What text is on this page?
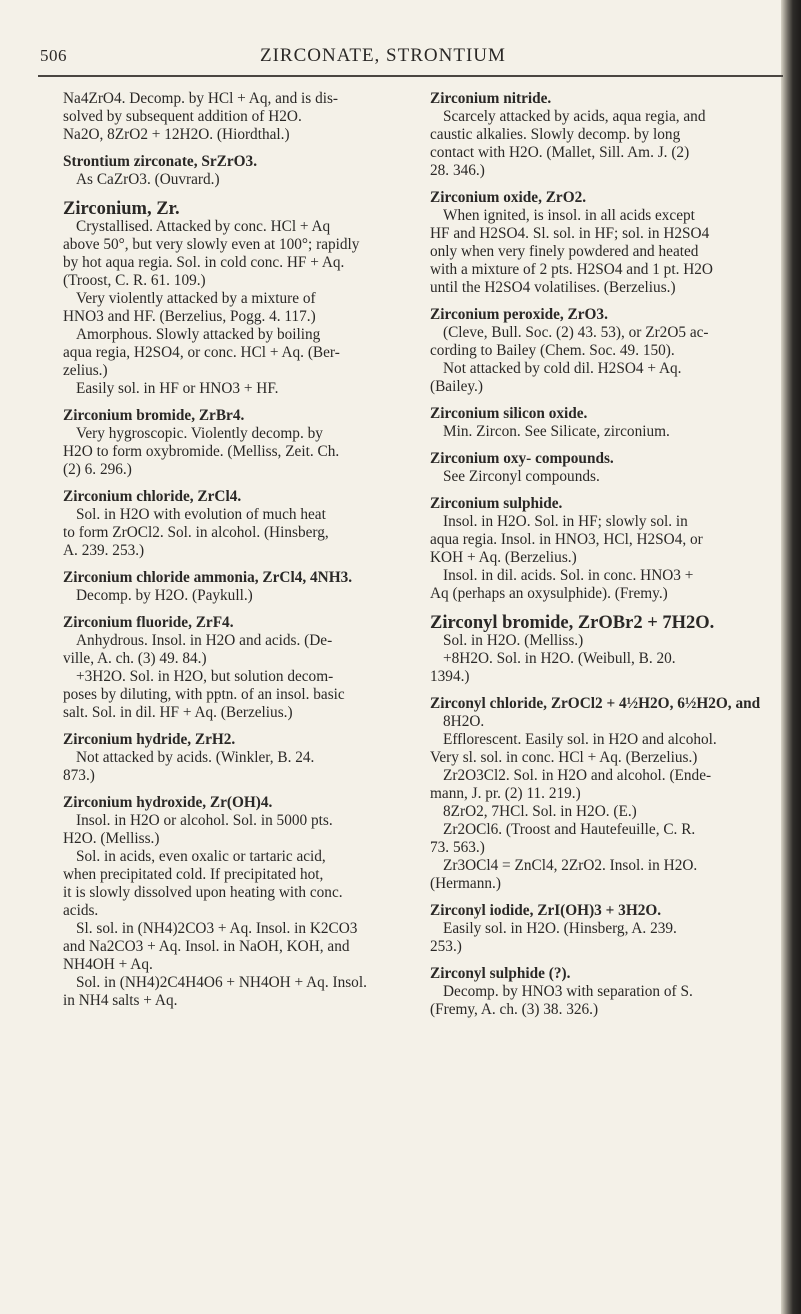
506	ZIRCONATE, STRONTIUM
Na4ZrO4. Decomp. by HCl + Aq, and is dis-
solved by subsequent addition of H2O.
Na2O, 8ZrO2 + 12H2O. (Hiordthal.)
Strontium zirconate, SrZrO3.
As CaZrO3. (Ouvrard.)
Zirconium, Zr.
Crystallised. Attacked by conc. HCl + Aq
above 50°, but very slowly even at 100°; rapidly
by hot aqua regia. Sol. in cold conc. HF + Aq.
(Troost, C. R. 61. 109.)
Very violently attacked by a mixture of
HNO3 and HF. (Berzelius, Pogg. 4. 117.)
Amorphous. Slowly attacked by boiling
aqua regia, H2SO4, or conc. HCl + Aq. (Ber-
zelius.)
Easily sol. in HF or HNO3 + HF.
Zirconium bromide, ZrBr4.
Very hygroscopic. Violently decomp. by
H2O to form oxybromide. (Melliss, Zeit. Ch.
(2) 6. 296.)
Zirconium chloride, ZrCl4.
Sol. in H2O with evolution of much heat
to form ZrOCl2. Sol. in alcohol. (Hinsberg,
A. 239. 253.)
Zirconium chloride ammonia, ZrCl4, 4NH3.
Decomp. by H2O. (Paykull.)
Zirconium fluoride, ZrF4.
Anhydrous. Insol. in H2O and acids. (De-
ville, A. ch. (3) 49. 84.)
+3H2O. Sol. in H2O, but solution decom-
poses by diluting, with pptn. of an insol. basic
salt. Sol. in dil. HF + Aq. (Berzelius.)
Zirconium hydride, ZrH2.
Not attacked by acids. (Winkler, B. 24.
873.)
Zirconium hydroxide, Zr(OH)4.
Insol. in H2O or alcohol. Sol. in 5000 pts.
H2O. (Melliss.)
Sol. in acids, even oxalic or tartaric acid,
when precipitated cold. If precipitated hot,
it is slowly dissolved upon heating with conc.
acids.
Sl. sol. in (NH4)2CO3 + Aq. Insol. in K2CO3
and Na2CO3 + Aq. Insol. in NaOH, KOH, and
NH4OH + Aq.
Sol. in (NH4)2C4H4O6 + NH4OH + Aq. Insol.
in NH4 salts + Aq.
Zirconium nitride.
Scarcely attacked by acids, aqua regia, and
caustic alkalies. Slowly decomp. by long
contact with H2O. (Mallet, Sill. Am. J. (2)
28. 346.)
Zirconium oxide, ZrO2.
When ignited, is insol. in all acids except
HF and H2SO4. Sl. sol. in HF; sol. in H2SO4
only when very finely powdered and heated
with a mixture of 2 pts. H2SO4 and 1 pt. H2O
until the H2SO4 volatilises. (Berzelius.)
Zirconium peroxide, ZrO3.
(Cleve, Bull. Soc. (2) 43. 53), or Zr2O5 ac-
cording to Bailey (Chem. Soc. 49. 150).
Not attacked by cold dil. H2SO4 + Aq.
(Bailey.)
Zirconium silicon oxide.
Min. Zircon. See Silicate, zirconium.
Zirconium oxy- compounds.
See Zirconyl compounds.
Zirconium sulphide.
Insol. in H2O. Sol. in HF; slowly sol. in
aqua regia. Insol. in HNO3, HCl, H2SO4, or
KOH + Aq. (Berzelius.)
Insol. in dil. acids. Sol. in conc. HNO3 +
Aq (perhaps an oxysulphide). (Fremy.)
Zirconyl bromide, ZrOBr2 + 7H2O.
Sol. in H2O. (Melliss.)
+8H2O. Sol. in H2O. (Weibull, B. 20.
1394.)
Zirconyl chloride, ZrOCl2 + 4½H2O, 6½H2O, and
8H2O.
Efflorescent. Easily sol. in H2O and alcohol.
Very sl. sol. in conc. HCl + Aq. (Berzelius.)
Zr2O3Cl2. Sol. in H2O and alcohol. (Ende-
mann, J. pr. (2) 11. 219.)
8ZrO2, 7HCl. Sol. in H2O. (E.)
Zr2OCl6. (Troost and Hautefeuille, C. R.
73. 563.)
Zr3OCl4 = ZnCl4, 2ZrO2. Insol. in H2O.
(Hermann.)
Zirconyl iodide, ZrI(OH)3 + 3H2O.
Easily sol. in H2O. (Hinsberg, A. 239.
253.)
Zirconyl sulphide (?).
Decomp. by HNO3 with separation of S.
(Fremy, A. ch. (3) 38. 326.)
